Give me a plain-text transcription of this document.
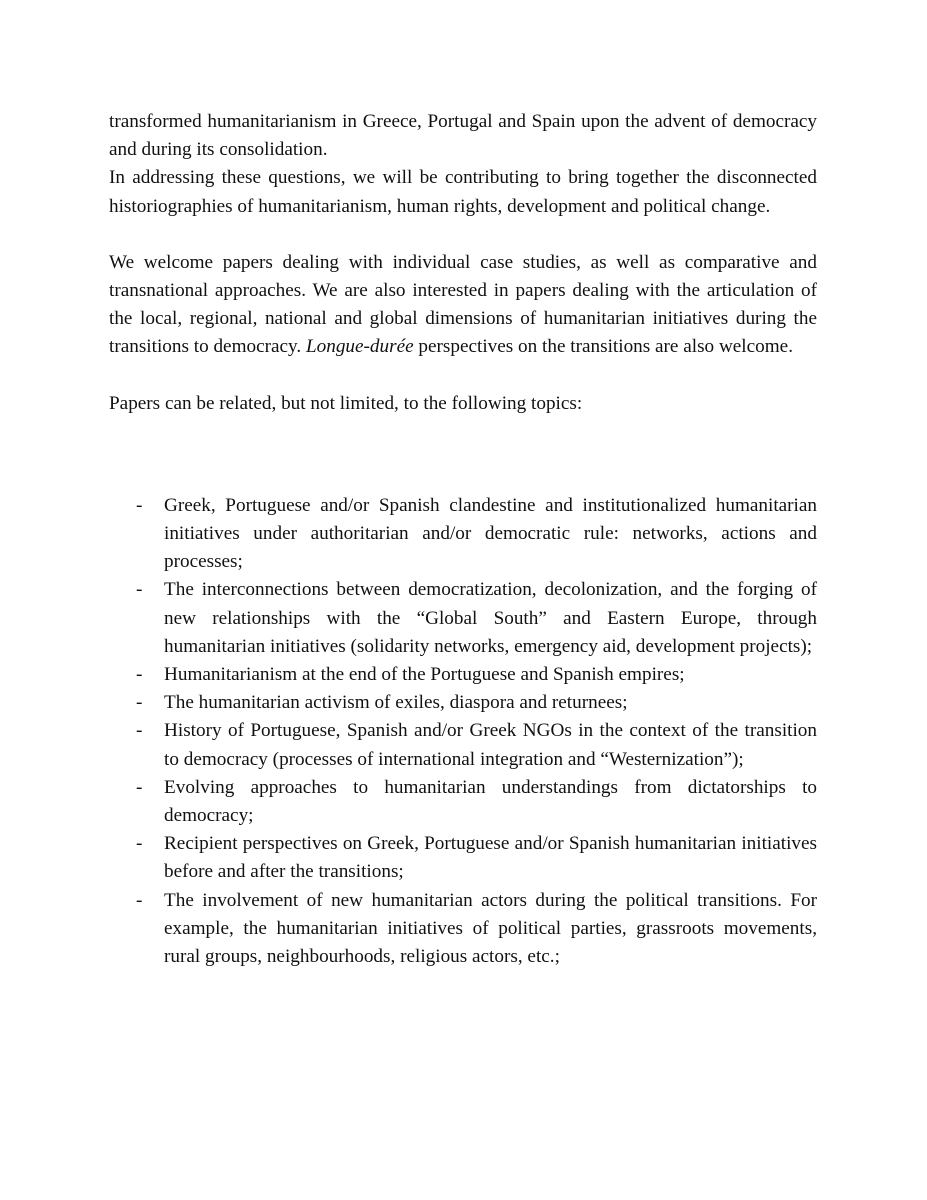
transformed humanitarianism in Greece, Portugal and Spain upon the advent of democracy and during its consolidation.

In addressing these questions, we will be contributing to bring together the disconnected historiographies of humanitarianism, human rights, development and political change.

We welcome papers dealing with individual case studies, as well as comparative and transnational approaches. We are also interested in papers dealing with the articulation of the local, regional, national and global dimensions of humanitarian initiatives during the transitions to democracy. Longue-durée perspectives on the transitions are also welcome.

Papers can be related, but not limited, to the following topics:

- Greek, Portuguese and/or Spanish clandestine and institutionalized humanitarian initiatives under authoritarian and/or democratic rule: networks, actions and processes;
- The interconnections between democratization, decolonization, and the forging of new relationships with the “Global South” and Eastern Europe, through humanitarian initiatives (solidarity networks, emergency aid, development projects);
- Humanitarianism at the end of the Portuguese and Spanish empires;
- The humanitarian activism of exiles, diaspora and returnees;
- History of Portuguese, Spanish and/or Greek NGOs in the context of the transition to democracy (processes of international integration and “Westernization”);
- Evolving approaches to humanitarian understandings from dictatorships to democracy;
- Recipient perspectives on Greek, Portuguese and/or Spanish humanitarian initiatives before and after the transitions;
- The involvement of new humanitarian actors during the political transitions. For example, the humanitarian initiatives of political parties, grassroots movements, rural groups, neighbourhoods, religious actors, etc.;
